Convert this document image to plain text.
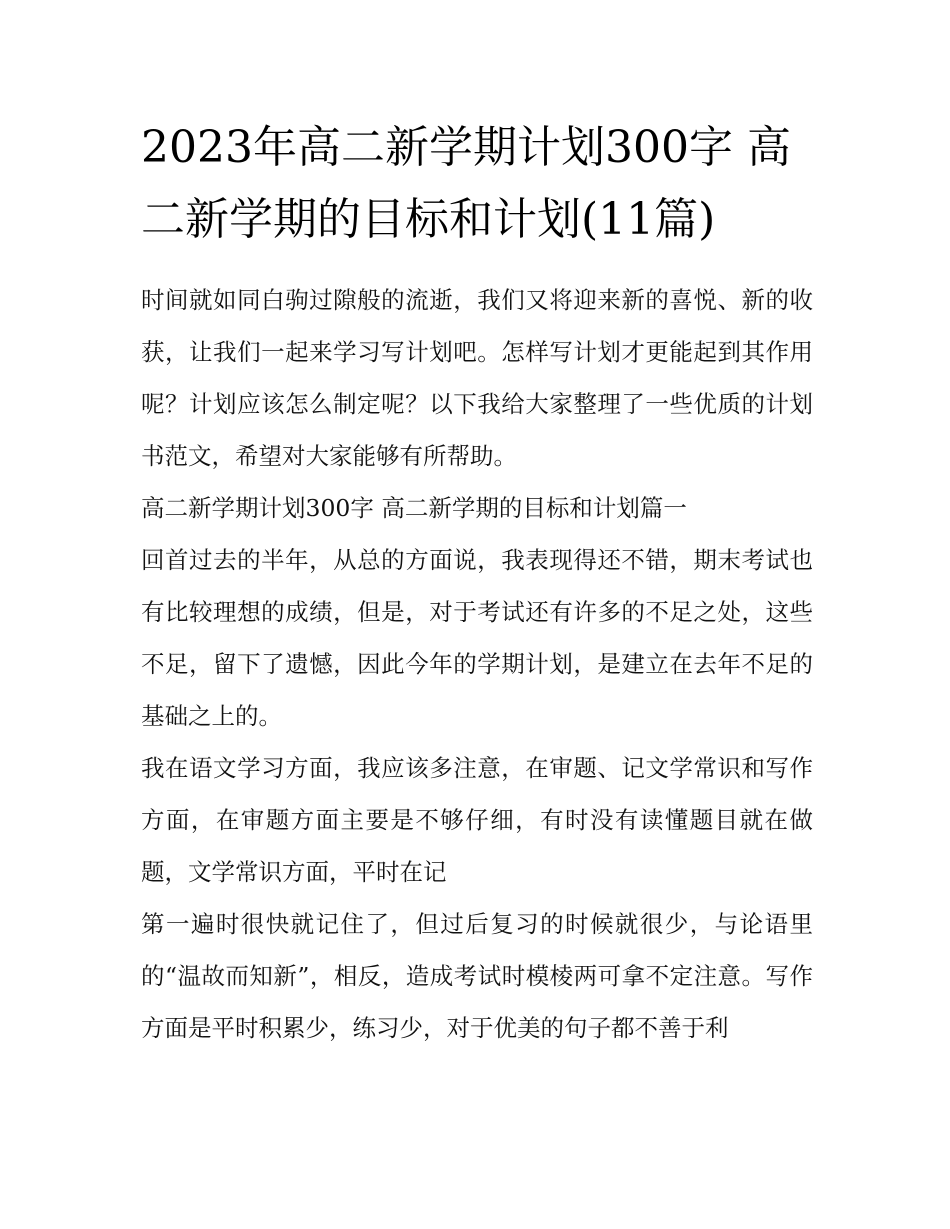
2023年高二新学期计划300字 高二新学期的目标和计划(11篇)

时间就如同白驹过隙般的流逝，我们又将迎来新的喜悦、新的收获，让我们一起来学习写计划吧。怎样写计划才更能起到其作用呢？计划应该怎么制定呢？以下我给大家整理了一些优质的计划书范文，希望对大家能够有所帮助。

高二新学期计划300字 高二新学期的目标和计划篇一

回首过去的半年，从总的方面说，我表现得还不错，期末考试也有比较理想的成绩，但是，对于考试还有许多的不足之处，这些不足，留下了遗憾，因此今年的学期计划，是建立在去年不足的基础之上的。

我在语文学习方面，我应该多注意，在审题、记文学常识和写作方面，在审题方面主要是不够仔细，有时没有读懂题目就在做题，文学常识方面，平时在记

第一遍时很快就记住了，但过后复习的时候就很少，与论语里的“温故而知新”，相反，造成考试时模棱两可拿不定注意。写作方面是平时积累少，练习少，对于优美的句子都不善于利
